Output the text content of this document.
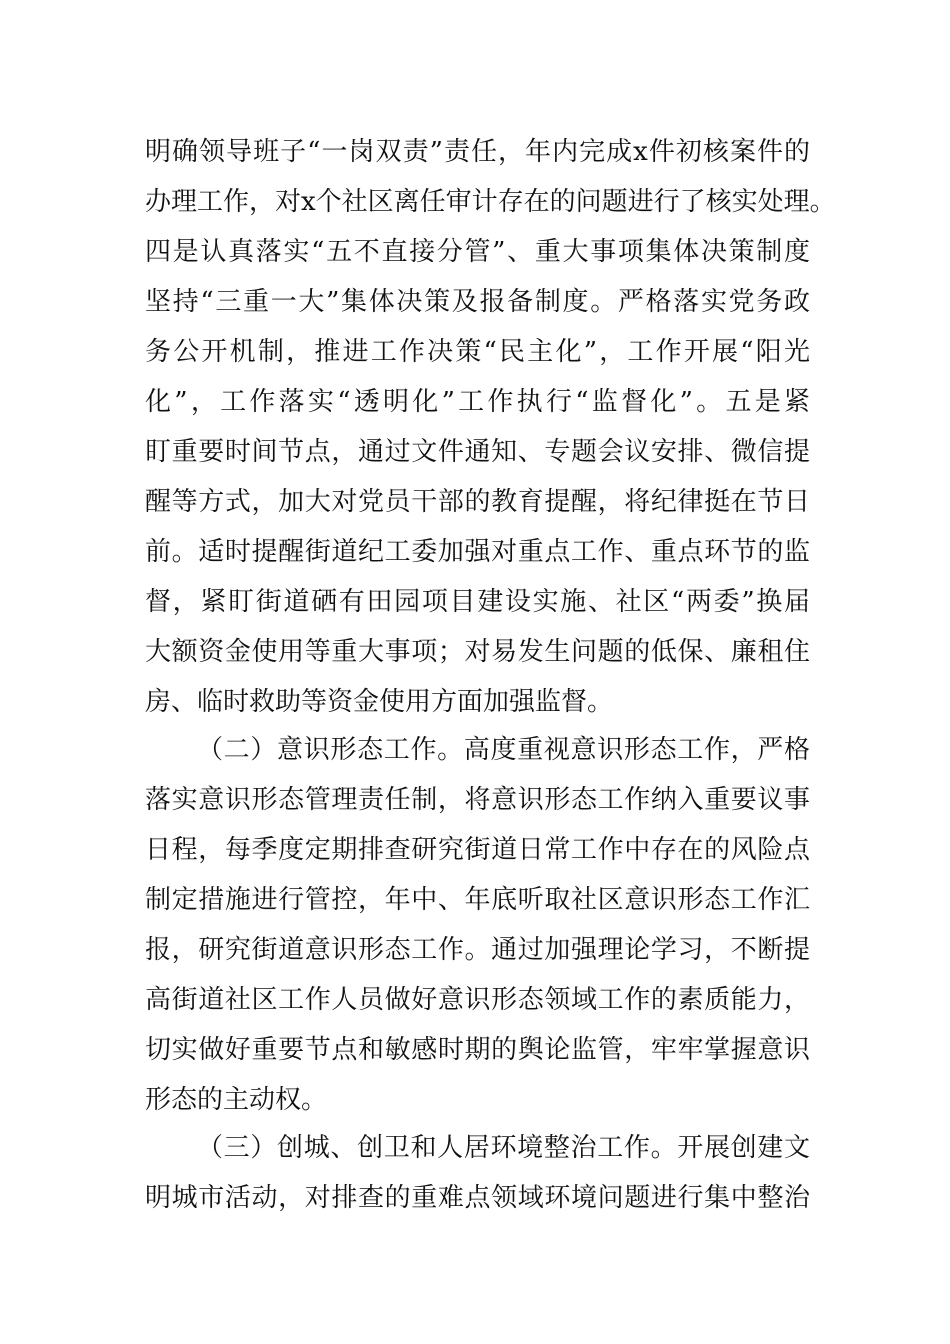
明确领导班子“一岗双责”责任，年内完成x件初核案件的
办理工作，对x个社区离任审计存在的问题进行了核实处理。
四是认真落实“五不直接分管”、重大事项集体决策制度
坚持“三重一大”集体决策及报备制度。严格落实党务政
务公开机制，推进工作决策“民主化”，工作开展“阳光
化”，工作落实“透明化”工作执行“监督化”。五是紧
盯重要时间节点，通过文件通知、专题会议安排、微信提
醒等方式，加大对党员干部的教育提醒，将纪律挺在节日
前。适时提醒街道纪工委加强对重点工作、重点环节的监
督，紧盯街道硒有田园项目建设实施、社区“两委”换届
大额资金使用等重大事项；对易发生问题的低保、廉租住
房、临时救助等资金使用方面加强监督。
（二）意识形态工作。高度重视意识形态工作，严格
落实意识形态管理责任制，将意识形态工作纳入重要议事
日程，每季度定期排查研究街道日常工作中存在的风险点
制定措施进行管控，年中、年底听取社区意识形态工作汇
报，研究街道意识形态工作。通过加强理论学习，不断提
高街道社区工作人员做好意识形态领域工作的素质能力，
切实做好重要节点和敏感时期的舆论监管，牢牢掌握意识
形态的主动权。
（三）创城、创卫和人居环境整治工作。开展创建文
明城市活动，对排查的重难点领域环境问题进行集中整治
